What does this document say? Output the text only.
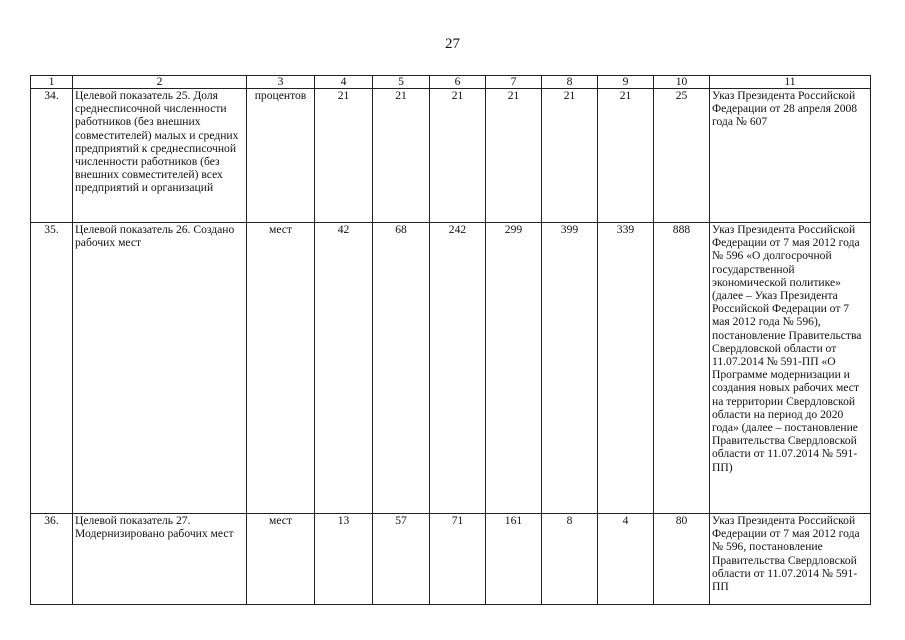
27
1	2	3	4	5	6	7	8	9	10	11
34.	Целевой показатель 25. Доля среднесписочной численности работников (без внешних совместителей) малых и средних предприятий к среднесписочной численности работников (без внешних совместителей) всех предприятий и организаций	процентов	21	21	21	21	21	21	25	Указ Президента Российской Федерации от 28 апреля 2008 года № 607
35.	Целевой показатель 26. Создано рабочих мест	мест	42	68	242	299	399	339	888	Указ Президента Российской Федерации от 7 мая 2012 года № 596 «О долгосрочной государственной экономической политике» (далее – Указ Президента Российской Федерации от 7 мая 2012 года № 596), постановление Правительства Свердловской области от 11.07.2014 № 591-ПП «О Программе модернизации и создания новых рабочих мест на территории Свердловской области на период до 2020 года» (далее – постановление Правительства Свердловской области от 11.07.2014 № 591-ПП)
36.	Целевой показатель 27. Модернизировано рабочих мест	мест	13	57	71	161	8	4	80	Указ Президента Российской Федерации от 7 мая 2012 года № 596, постановление Правительства Свердловской области от 11.07.2014 № 591-ПП
